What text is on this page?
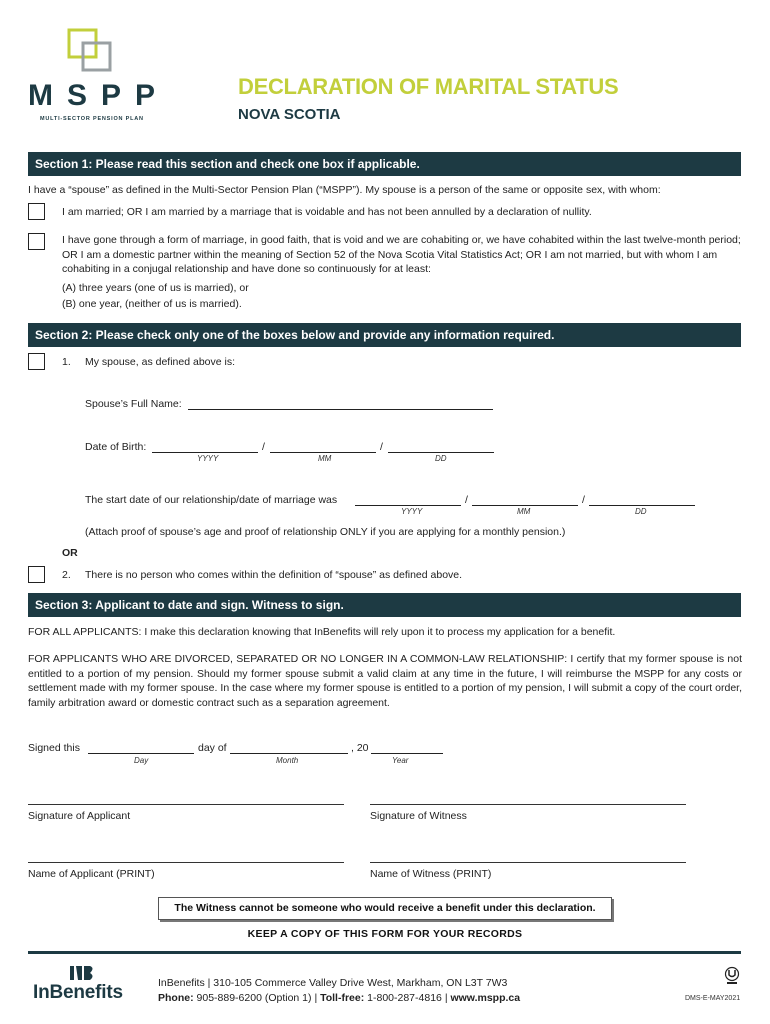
MSPP
MULTI-SECTOR PENSION PLAN
DECLARATION OF MARITAL STATUS
NOVA SCOTIA
Section 1: Please read this section and check one box if applicable.
I have a “spouse” as defined in the Multi-Sector Pension Plan (“MSPP”). My spouse is a person of the same or opposite sex, with whom:
I am married; OR I am married by a marriage that is voidable and has not been annulled by a declaration of nullity.
I have gone through a form of marriage, in good faith, that is void and we are cohabiting or, we have cohabited within the last twelve-month period; OR I am a domestic partner within the meaning of Section 52 of the Nova Scotia Vital Statistics Act; OR I am not married, but with whom I am cohabiting in a conjugal relationship and have done so continuously for at least:
(A) three years (one of us is married), or
(B) one year, (neither of us is married).
Section 2: Please check only one of the boxes below and provide any information required.
1. My spouse, as defined above is:
Spouse’s Full Name:
Date of Birth:	/	/
YYYY	MM	DD
The start date of our relationship/date of marriage was	/	/
YYYY	MM	DD
(Attach proof of spouse’s age and proof of relationship ONLY if you are applying for a monthly pension.)
OR
2. There is no person who comes within the definition of “spouse” as defined above.
Section 3: Applicant to date and sign. Witness to sign.
FOR ALL APPLICANTS: I make this declaration knowing that InBenefits will rely upon it to process my application for a benefit.
FOR APPLICANTS WHO ARE DIVORCED, SEPARATED OR NO LONGER IN A COMMON-LAW RELATIONSHIP: I certify that my former spouse is not entitled to a portion of my pension. Should my former spouse submit a valid claim at any time in the future, I will reimburse the MSPP for any costs or settlement made with my former spouse. In the case where my former spouse is entitled to a portion of my pension, I will submit a copy of the court order, family arbitration award or domestic contract such as a separation agreement.
Signed this	day of	, 20
Day	Month	Year
Signature of Applicant	Signature of Witness
Name of Applicant (PRINT)	Name of Witness (PRINT)
The Witness cannot be someone who would receive a benefit under this declaration.
KEEP A COPY OF THIS FORM FOR YOUR RECORDS
InBenefits	InBenefits | 310-105 Commerce Valley Drive West, Markham, ON L3T 7W3
Phone: 905-889-6200 (Option 1) | Toll-free: 1-800-287-4816 | www.mspp.ca	DMS-E-MAY2021
